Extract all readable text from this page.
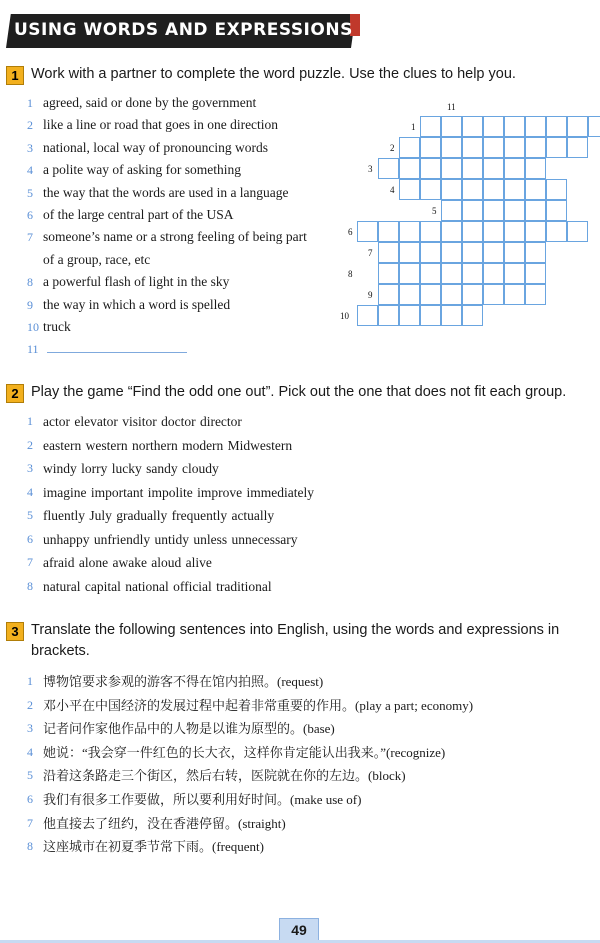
USING WORDS AND EXPRESSIONS
1 Work with a partner to complete the word puzzle. Use the clues to help you.
1 agreed, said or done by the government
2 like a line or road that goes in one direction
3 national, local way of pronouncing words
4 a polite way of asking for something
5 the way that the words are used in a language
6 of the large central part of the USA
7 someone’s name or a strong feeling of being part
of a group, race, etc
8 a powerful flash of light in the sky
9 the way in which a word is spelled
10 truck
11
11
1
2
3
4
5
6
7
8
9
10
2 Play the game “Find the odd one out”. Pick out the one that does not fit each group.
1 actor elevator visitor doctor director
2 eastern western northern modern Midwestern
3 windy lorry lucky sandy cloudy
4 imagine important impolite improve immediately
5 fluently July gradually frequently actually
6 unhappy unfriendly untidy unless unnecessary
7 afraid alone awake aloud alive
8 natural capital national official traditional
3 Translate the following sentences into English, using the words and expressions in brackets.
1 博物馆要求参观的游客不得在馆内拍照。(request)
2 邓小平在中国经济的发展过程中起着非常重要的作用。(play a part; economy)
3 记者问作家他作品中的人物是以谁为原型的。(base)
4 她说：“我会穿一件红色的长大衣，这样你肯定能认出我来。”(recognize)
5 沿着这条路走三个街区，然后右转，医院就在你的左边。(block)
6 我们有很多工作要做，所以要利用好时间。(make use of)
7 他直接去了纽约，没在香港停留。(straight)
8 这座城市在初夏季节常下雨。(frequent)
49
